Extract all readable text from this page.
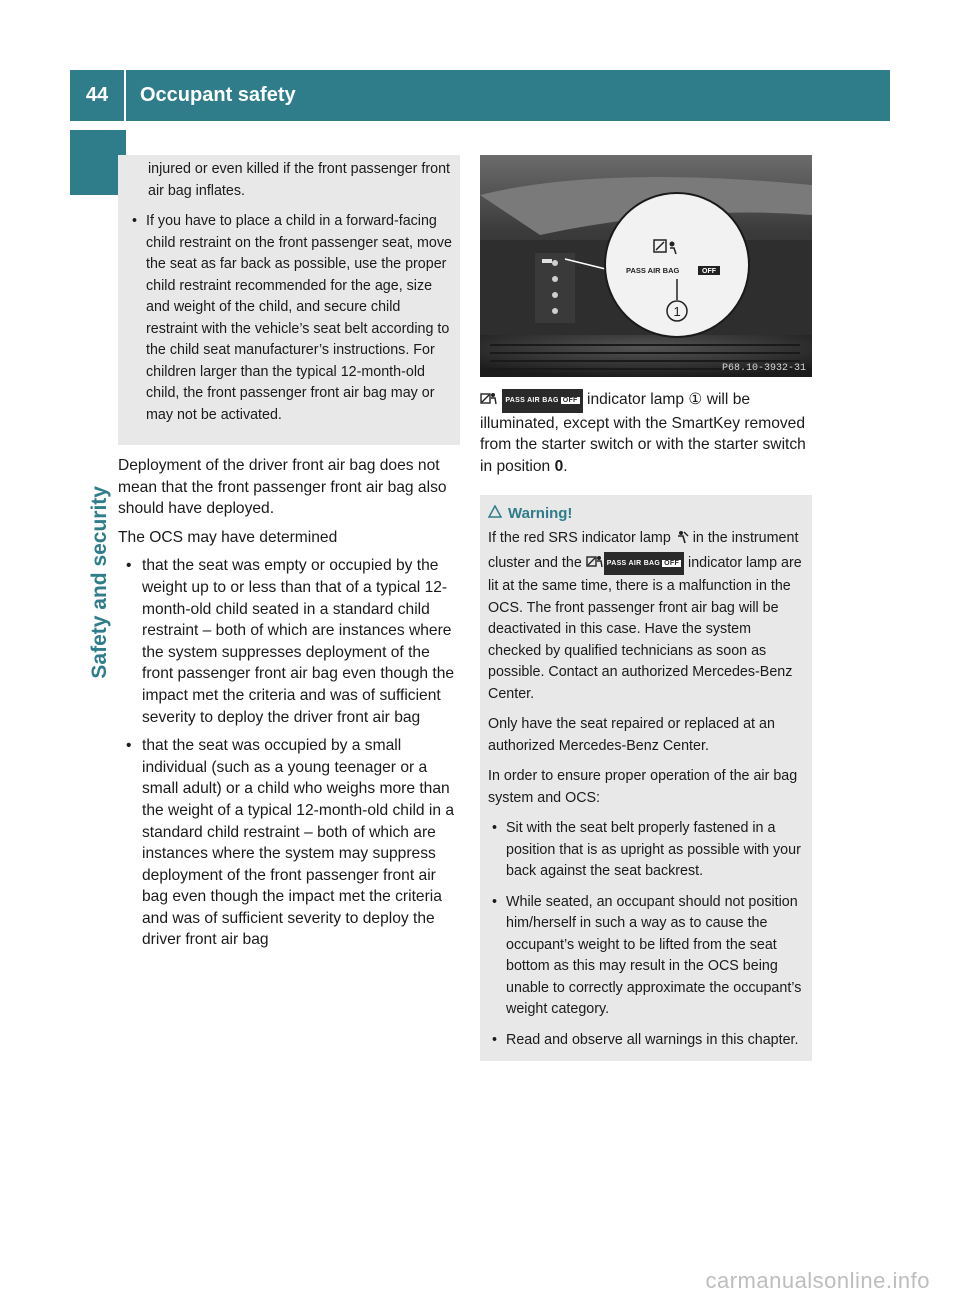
44	Occupant safety
Safety and security

injured or even killed if the front passenger front air bag inflates.

• If you have to place a child in a forward-facing child restraint on the front passenger seat, move the seat as far back as possible, use the proper child restraint recommended for the age, size and weight of the child, and secure child restraint with the vehicle’s seat belt according to the child seat manufacturer’s instructions. For children larger than the typical 12-month-old child, the front passenger front air bag may or may not be activated.

Deployment of the driver front air bag does not mean that the front passenger front air bag also should have deployed.

The OCS may have determined

• that the seat was empty or occupied by the weight up to or less than that of a typical 12-month-old child seated in a standard child restraint – both of which are instances where the system suppresses deployment of the front passenger front air bag even though the impact met the criteria and was of sufficient severity to deploy the driver front air bag

• that the seat was occupied by a small individual (such as a young teenager or a small adult) or a child who weighs more than the weight of a typical 12-month-old child in a standard child restraint – both of which are instances where the system may suppress deployment of the front passenger front air bag even though the impact met the criteria and was of sufficient severity to deploy the driver front air bag

PASS AIR BAG	OFF
1
P68.10-3932-31

PASS AIR BAG OFF indicator lamp ① will be illuminated, except with the SmartKey removed from the starter switch or with the starter switch in position 0.

Warning!

If the red SRS indicator lamp  in the instrument cluster and the	PASS AIR BAG OFF indicator lamp are lit at the same time, there is a malfunction in the OCS. The front passenger front air bag will be deactivated in this case. Have the system checked by qualified technicians as soon as possible. Contact an authorized Mercedes-Benz Center.

Only have the seat repaired or replaced at an authorized Mercedes-Benz Center.

In order to ensure proper operation of the air bag system and OCS:

• Sit with the seat belt properly fastened in a position that is as upright as possible with your back against the seat backrest.

• While seated, an occupant should not position him/herself in such a way as to cause the occupant’s weight to be lifted from the seat bottom as this may result in the OCS being unable to correctly approximate the occupant’s weight category.

• Read and observe all warnings in this chapter.

carmanualsonline.info
